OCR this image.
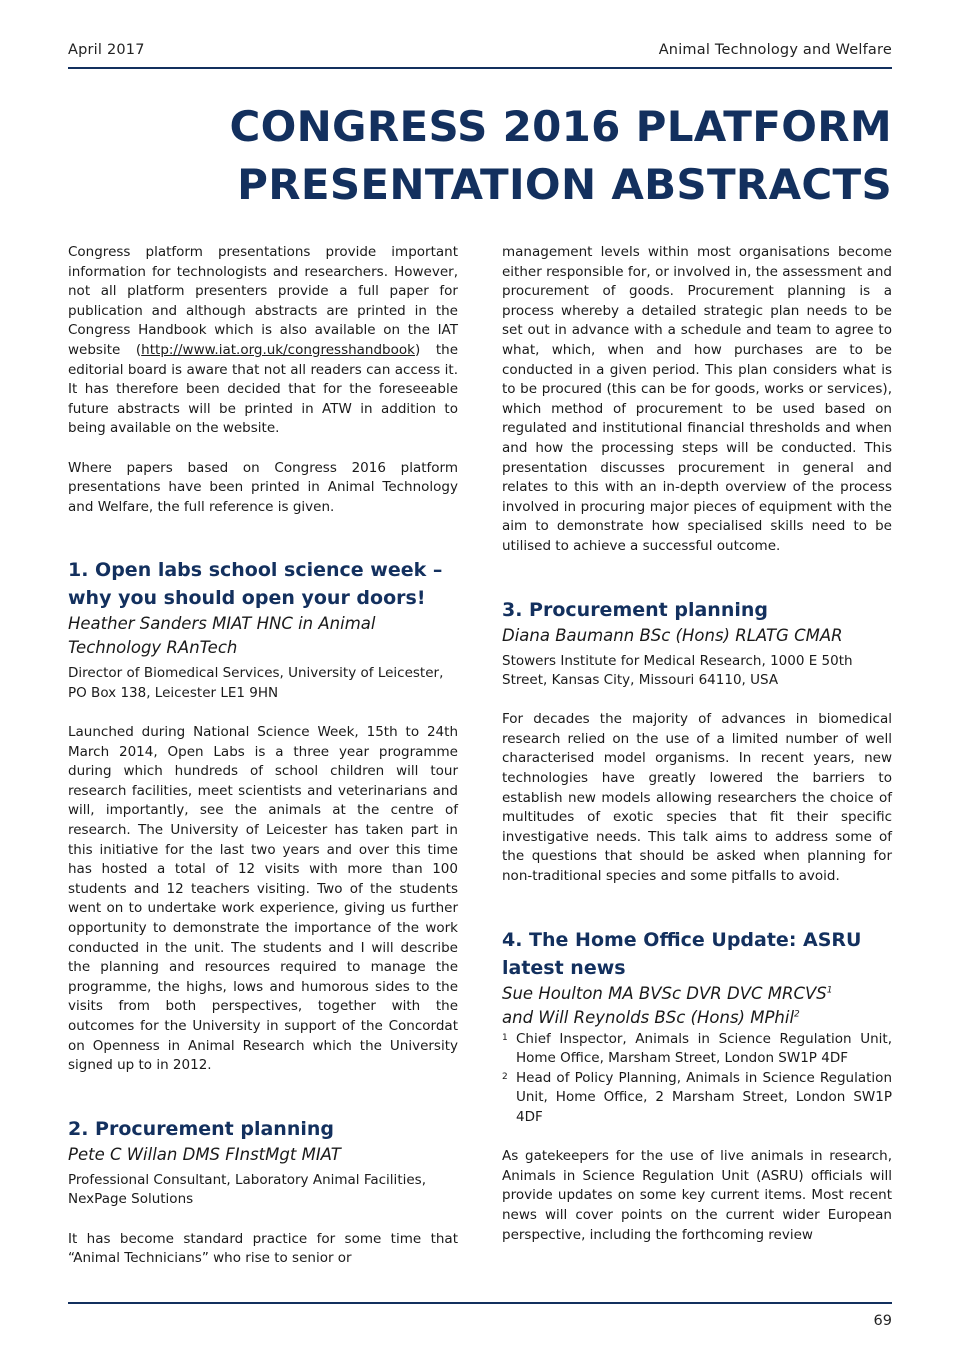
April 2017	Animal Technology and Welfare
CONGRESS 2016 PLATFORM PRESENTATION ABSTRACTS

Congress platform presentations provide important information for technologists and researchers. However, not all platform presenters provide a full paper for publication and although abstracts are printed in the Congress Handbook which is also available on the IAT website (http://www.iat.org.uk/congresshandbook) the editorial board is aware that not all readers can access it. It has therefore been decided that for the foreseeable future abstracts will be printed in ATW in addition to being available on the website.

Where papers based on Congress 2016 platform presentations have been printed in Animal Technology and Welfare, the full reference is given.

1. Open labs school science week – why you should open your doors!

Heather Sanders MIAT HNC in Animal Technology RAnTech

Director of Biomedical Services, University of Leicester, PO Box 138, Leicester LE1 9HN

Launched during National Science Week, 15th to 24th March 2014, Open Labs is a three year programme during which hundreds of school children will tour research facilities, meet scientists and veterinarians and will, importantly, see the animals at the centre of research. The University of Leicester has taken part in this initiative for the last two years and over this time has hosted a total of 12 visits with more than 100 students and 12 teachers visiting. Two of the students went on to undertake work experience, giving us further opportunity to demonstrate the importance of the work conducted in the unit. The students and I will describe the planning and resources required to manage the programme, the highs, lows and humorous sides to the visits from both perspectives, together with the outcomes for the University in support of the Concordat on Openness in Animal Research which the University signed up to in 2012.

2. Procurement planning

Pete C Willan DMS FInstMgt MIAT

Professional Consultant, Laboratory Animal Facilities, NexPage Solutions

It has become standard practice for some time that “Animal Technicians” who rise to senior or

management levels within most organisations become either responsible for, or involved in, the assessment and procurement of goods. Procurement planning is a process whereby a detailed strategic plan needs to be set out in advance with a schedule and team to agree to what, which, when and how purchases are to be conducted in a given period. This plan considers what is to be procured (this can be for goods, works or services), which method of procurement to be used based on regulated and institutional financial thresholds and when and how the processing steps will be conducted. This presentation discusses procurement in general and relates to this with an in-depth overview of the process involved in procuring major pieces of equipment with the aim to demonstrate how specialised skills need to be utilised to achieve a successful outcome.

3. Procurement planning

Diana Baumann BSc (Hons) RLATG CMAR

Stowers Institute for Medical Research, 1000 E 50th Street, Kansas City, Missouri 64110, USA

For decades the majority of advances in biomedical research relied on the use of a limited number of well characterised model organisms. In recent years, new technologies have greatly lowered the barriers to establish new models allowing researchers the choice of multitudes of exotic species that fit their specific investigative needs. This talk aims to address some of the questions that should be asked when planning for non-traditional species and some pitfalls to avoid.

4. The Home Office Update: ASRU latest news

Sue Houlton MA BVSc DVR DVC MRCVS$^1$

and Will Reynolds BSc (Hons) MPhil$^2$

1 Chief Inspector, Animals in Science Regulation Unit, Home Office, Marsham Street, London SW1P 4DF
2 Head of Policy Planning, Animals in Science Regulation Unit, Home Office, 2 Marsham Street, London SW1P 4DF

As gatekeepers for the use of live animals in research, Animals in Science Regulation Unit (ASRU) officials will provide updates on some key current items. Most recent news will cover points on the current wider European perspective, including the forthcoming review

69
